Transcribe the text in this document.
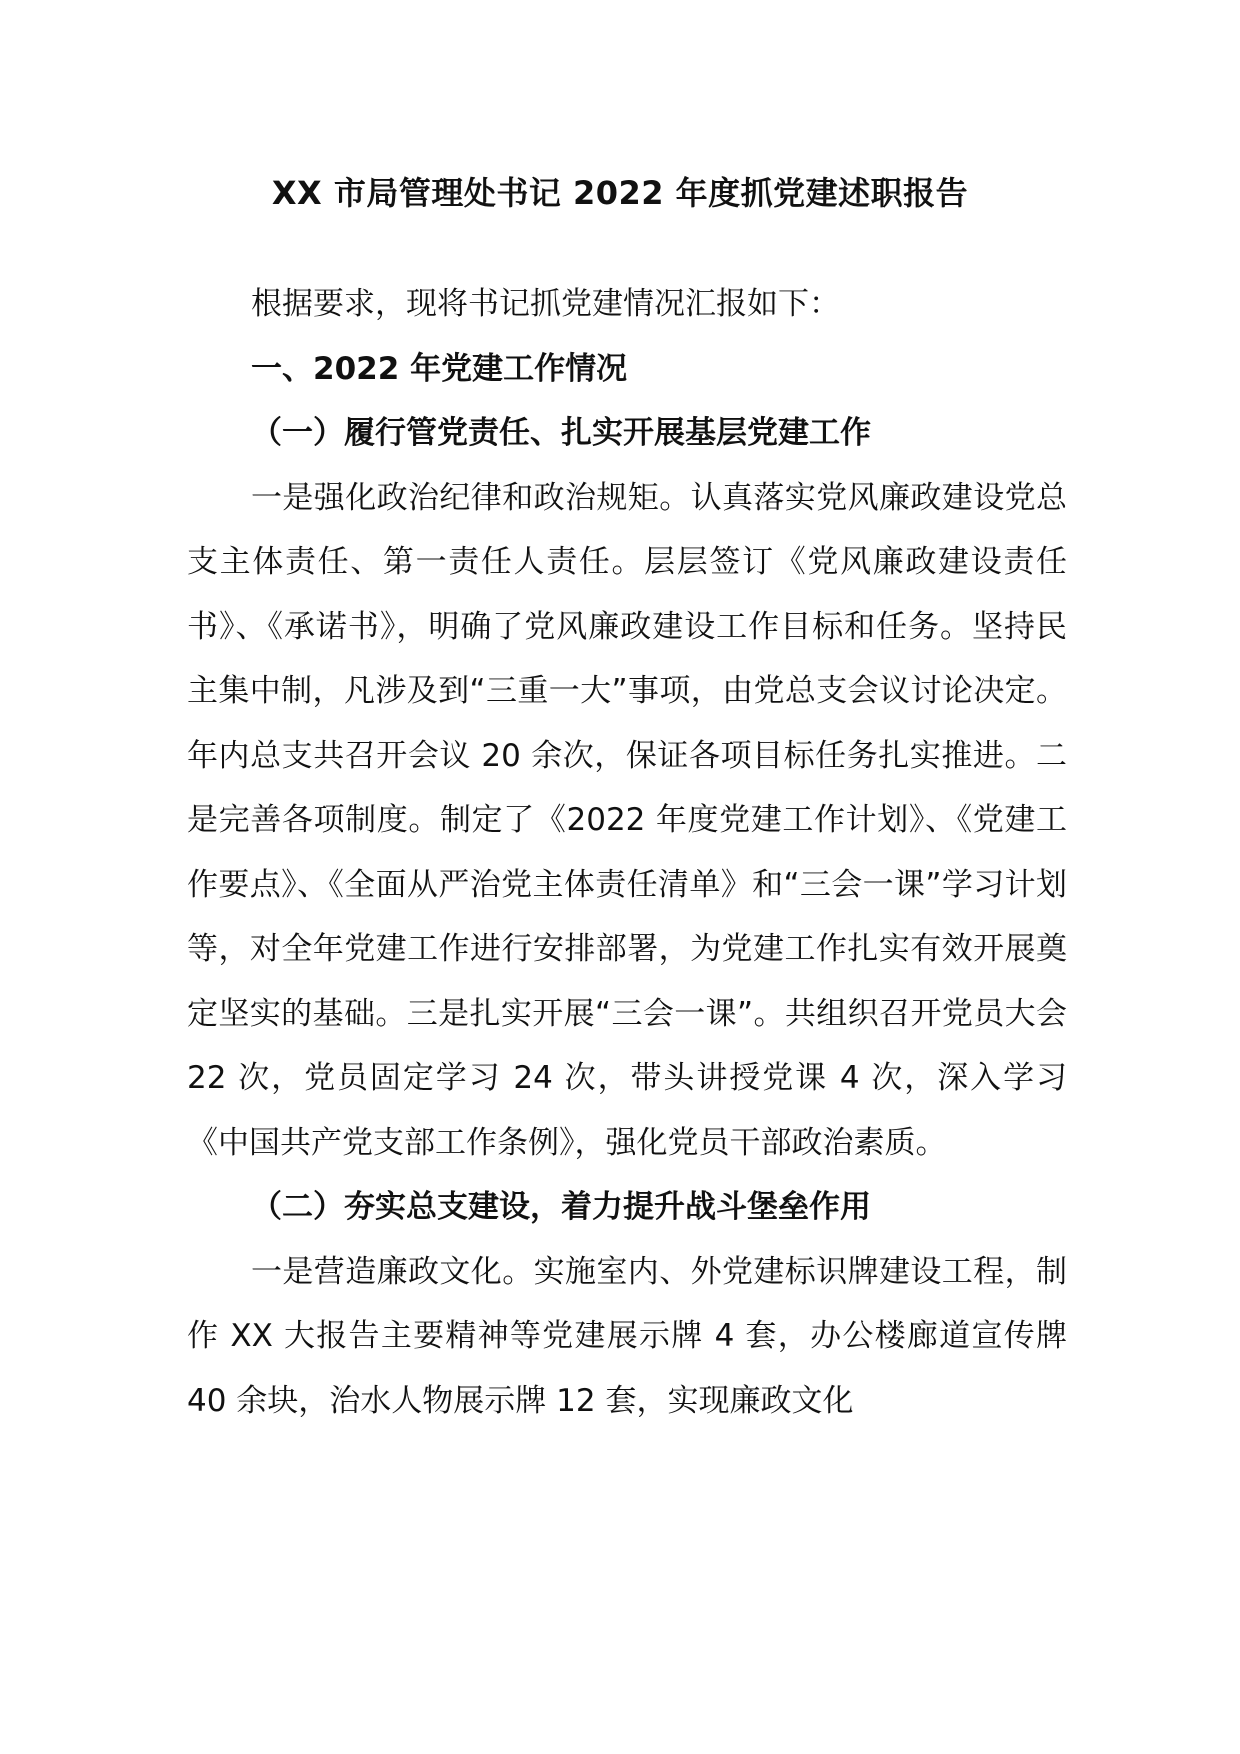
XX 市局管理处书记 2022 年度抓党建述职报告

根据要求，现将书记抓党建情况汇报如下：

一、2022 年党建工作情况

（一）履行管党责任、扎实开展基层党建工作

一是强化政治纪律和政治规矩。认真落实党风廉政建设党总支主体责任、第一责任人责任。层层签订《党风廉政建设责任书》、《承诺书》，明确了党风廉政建设工作目标和任务。坚持民主集中制，凡涉及到“三重一大”事项，由党总支会议讨论决定。年内总支共召开会议 20 余次，保证各项目标任务扎实推进。二是完善各项制度。制定了《2022 年度党建工作计划》、《党建工作要点》、《全面从严治党主体责任清单》和“三会一课”学习计划等，对全年党建工作进行安排部署，为党建工作扎实有效开展奠定坚实的基础。三是扎实开展“三会一课”。共组织召开党员大会 22 次，党员固定学习 24 次，带头讲授党课 4 次，深入学习《中国共产党支部工作条例》，强化党员干部政治素质。

（二）夯实总支建设，着力提升战斗堡垒作用

一是营造廉政文化。实施室内、外党建标识牌建设工程，制作 XX 大报告主要精神等党建展示牌 4 套，办公楼廊道宣传牌 40 余块，治水人物展示牌 12 套，实现廉政文化
